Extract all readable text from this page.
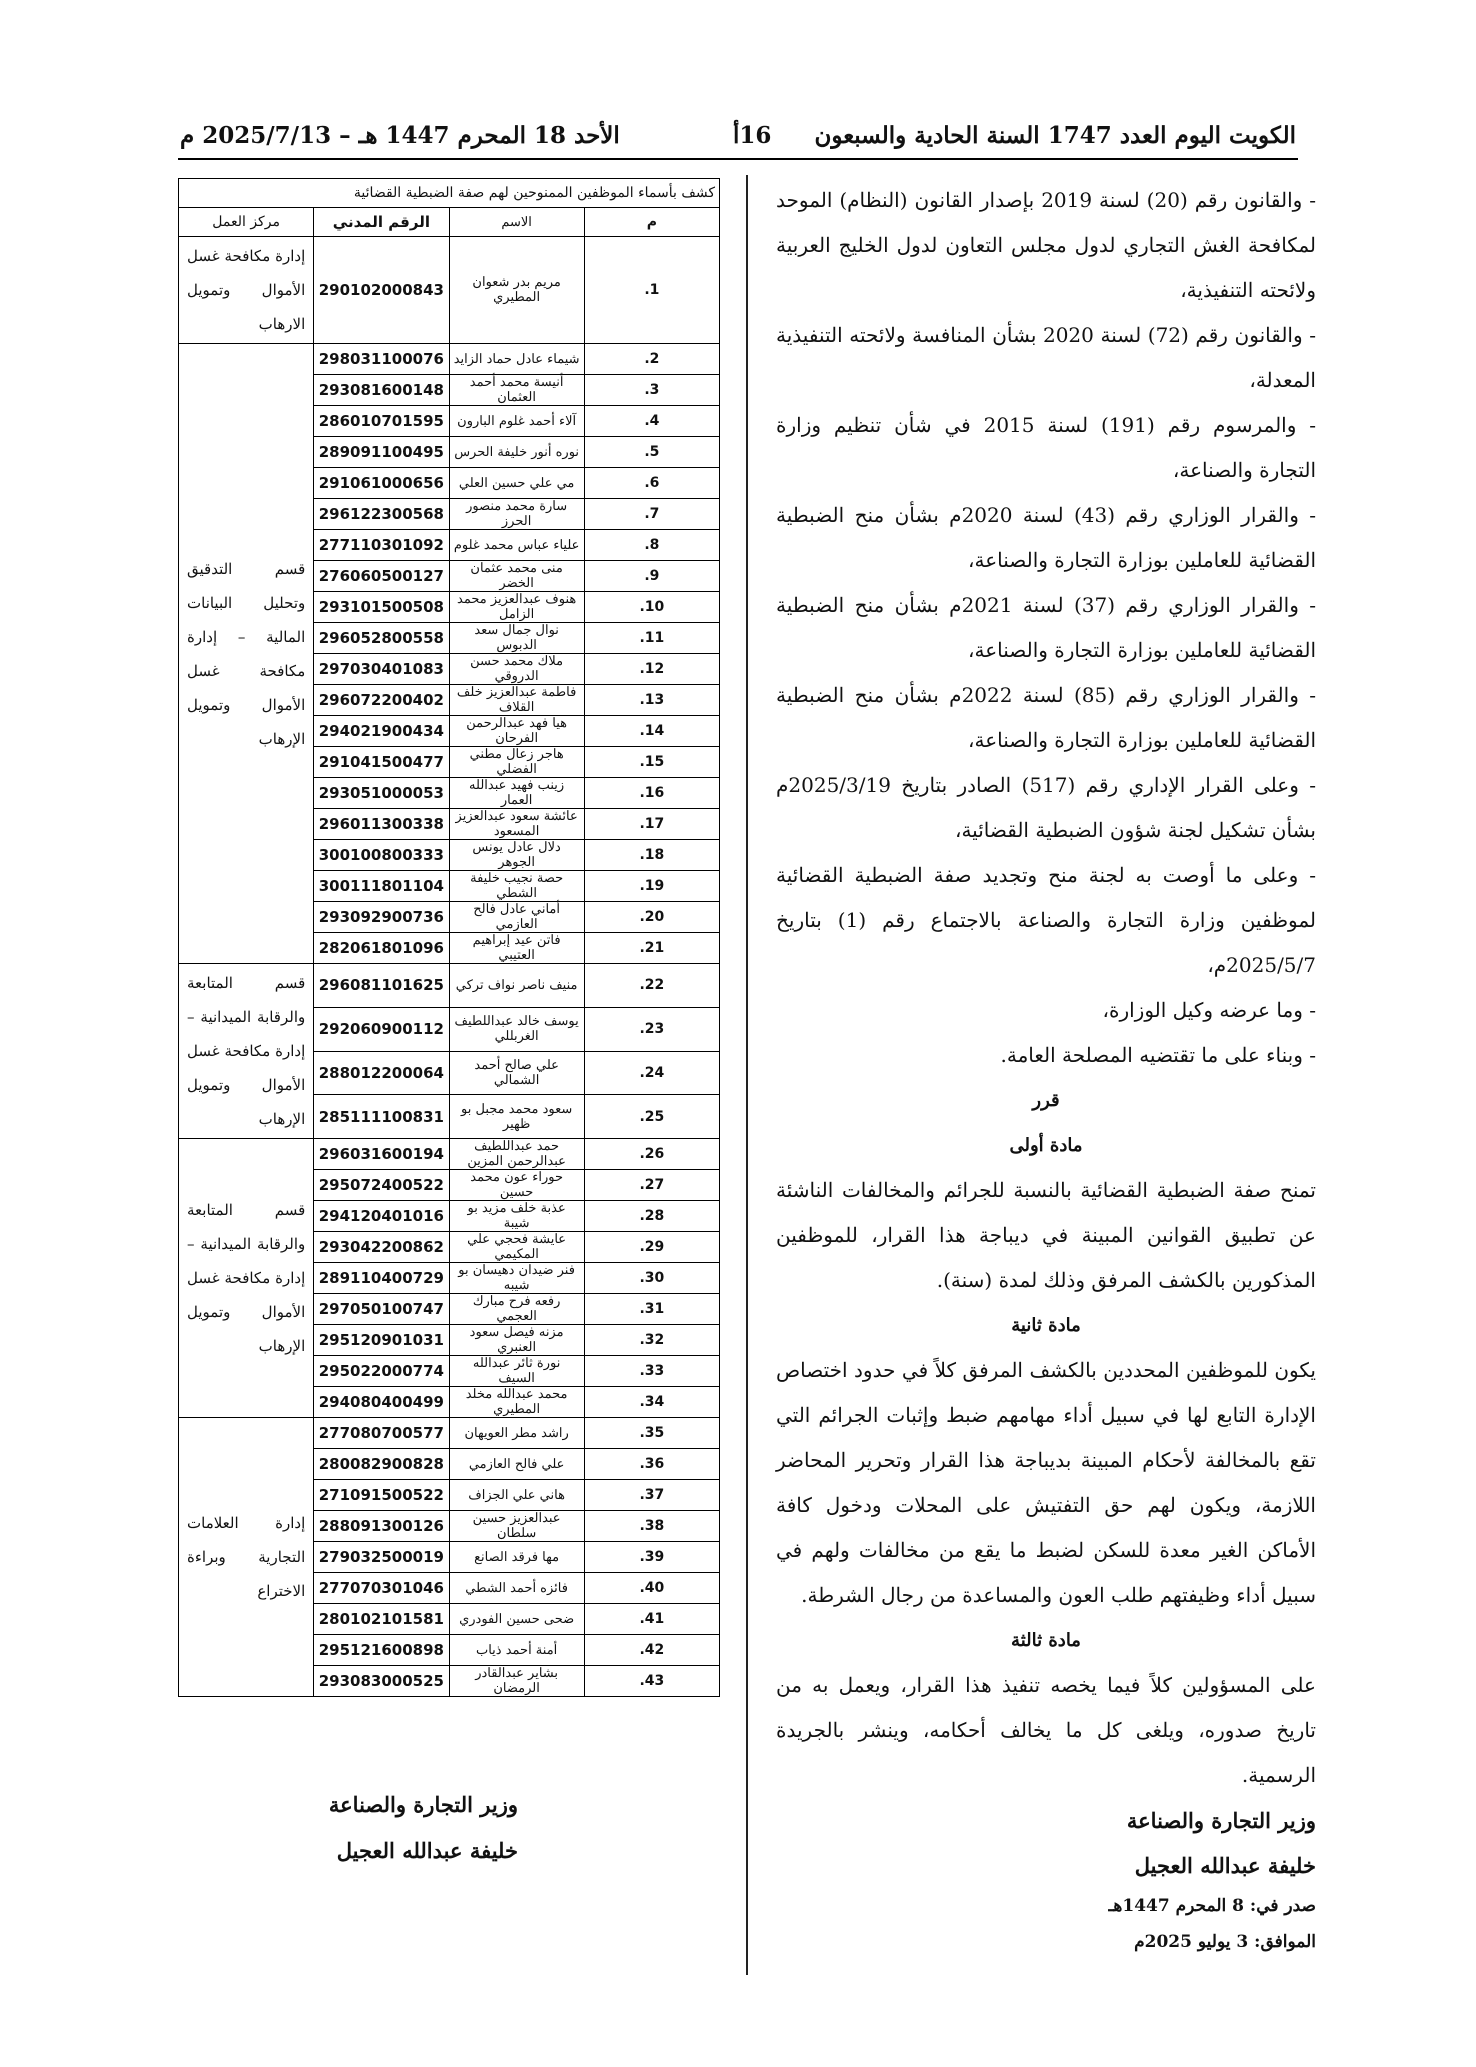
الكويت اليوم العدد 1747 السنة الحادية والسبعون
16أ
الأحد 18 المحرم 1447 هـ – 2025/7/13 م

- والقانون رقم (20) لسنة 2019 بإصدار القانون (النظام) الموحد لمكافحة الغش التجاري لدول مجلس التعاون لدول الخليج العربية ولائحته التنفيذية،

- والقانون رقم (72) لسنة 2020 بشأن المنافسة ولائحته التنفيذية المعدلة،

- والمرسوم رقم (191) لسنة 2015 في شأن تنظيم وزارة التجارة والصناعة،

- والقرار الوزاري رقم (43) لسنة 2020م بشأن منح الضبطية القضائية للعاملين بوزارة التجارة والصناعة،

- والقرار الوزاري رقم (37) لسنة 2021م بشأن منح الضبطية القضائية للعاملين بوزارة التجارة والصناعة،

- والقرار الوزاري رقم (85) لسنة 2022م بشأن منح الضبطية القضائية للعاملين بوزارة التجارة والصناعة،

- وعلى القرار الإداري رقم (517) الصادر بتاريخ 2025/3/19م بشأن تشكيل لجنة شؤون الضبطية القضائية،

- وعلى ما أوصت به لجنة منح وتجديد صفة الضبطية القضائية لموظفين وزارة التجارة والصناعة بالاجتماع رقم (1) بتاريخ 2025/5/7م،

- وما عرضه وكيل الوزارة،

- وبناء على ما تقتضيه المصلحة العامة.

قرر

مادة أولى

تمنح صفة الضبطية القضائية بالنسبة للجرائم والمخالفات الناشئة عن تطبيق القوانين المبينة في ديباجة هذا القرار، للموظفين المذكورين بالكشف المرفق وذلك لمدة (سنة).

مادة ثانية

يكون للموظفين المحددين بالكشف المرفق كلاً في حدود اختصاص الإدارة التابع لها في سبيل أداء مهامهم ضبط وإثبات الجرائم التي تقع بالمخالفة لأحكام المبينة بديباجة هذا القرار وتحرير المحاضر اللازمة، ويكون لهم حق التفتيش على المحلات ودخول كافة الأماكن الغير معدة للسكن لضبط ما يقع من مخالفات ولهم في سبيل أداء وظيفتهم طلب العون والمساعدة من رجال الشرطة.

مادة ثالثة

على المسؤولين كلاً فيما يخصه تنفيذ هذا القرار، ويعمل به من تاريخ صدوره، ويلغى كل ما يخالف أحكامه، وينشر بالجريدة الرسمية.

وزير التجارة والصناعة

خليفة عبدالله العجيل

صدر في: 8 المحرم 1447هـ

الموافق: 3 يوليو 2025م

كشف بأسماء الموظفين الممنوحين لهم صفة الضبطية القضائية			
م	الاسم	الرقم المدني	مركز العمل
1.	مريم بدر شعوان المطيري	290102000843	إدارة مكافحة غسل الأموال وتمويل الارهاب
2.	شيماء عادل حماد الزايد	298031100076	قسم التدقيق وتحليل البيانات المالية – إدارة مكافحة غسل الأموال وتمويل الإرهاب
3.	أنيسة محمد أحمد العثمان	293081600148	
4.	آلاء أحمد غلوم البارون	286010701595	
5.	نوره أنور خليفة الحرس	289091100495	
6.	مي علي حسين العلي	291061000656	
7.	سارة محمد منصور الحرز	296122300568	
8.	علياء عباس محمد غلوم	277110301092	
9.	منى محمد عثمان الخضر	276060500127	
10.	هنوف عبدالعزيز محمد الزامل	293101500508	
11.	نوال جمال سعد الدبوس	296052800558	
12.	ملاك محمد حسن الدروقي	297030401083	
13.	فاطمة عبدالعزيز خلف القلاف	296072200402	
14.	هيا فهد عبدالرحمن الفرحان	294021900434	
15.	هاجر زعال مطني الفضلي	291041500477	
16.	زينب فهيد عبدالله العمار	293051000053	
17.	عائشة سعود عبدالعزيز المسعود	296011300338	
18.	دلال عادل يونس الجوهر	300100800333	
19.	حصة نجيب خليفة الشطي	300111801104	
20.	أماني عادل فالح العازمي	293092900736	
21.	فاتن عيد إبراهيم العتيبي	282061801096	
22.	منيف ناصر نواف تركي	296081101625	قسم المتابعة والرقابة الميدانية – إدارة مكافحة غسل الأموال وتمويل الإرهاب
23.	يوسف خالد عبداللطيف الغربللي	292060900112	
24.	علي صالح أحمد الشمالي	288012200064	
25.	سعود محمد مجبل بو ظهير	285111100831	
26.	حمد عبداللطيف عبدالرحمن المزين	296031600194	قسم المتابعة والرقابة الميدانية – إدارة مكافحة غسل الأموال وتمويل الإرهاب
27.	حوراء عون محمد حسين	295072400522	
28.	عذبة خلف مزيد بو شيبة	294120401016	
29.	عايشة فحجي علي المكيمي	293042200862	
30.	فنر ضيدان دهيسان بو شيبه	289110400729	
31.	رفعه فرح مبارك العجمي	297050100747	
32.	مزنه فيصل سعود العنبري	295120901031	
33.	نورة ثائر عبدالله السيف	295022000774	
34.	محمد عبدالله مخلد المطيري	294080400499	
35.	راشد مطر العويهان	277080700577	إدارة العلامات التجارية وبراءة الاختراع
36.	علي فالح العازمي	280082900828	
37.	هاني علي الجزاف	271091500522	
38.	عبدالعزيز حسين سلطان	288091300126	
39.	مها فرقد الصانع	279032500019	
40.	فائزه أحمد الشطي	277070301046	
41.	ضحى حسين الفودري	280102101581	
42.	أمنة أحمد ذياب	295121600898	
43.	بشاير عبدالقادر الرمضان	293083000525	
وزير التجارة والصناعة
خليفة عبدالله العجيل
